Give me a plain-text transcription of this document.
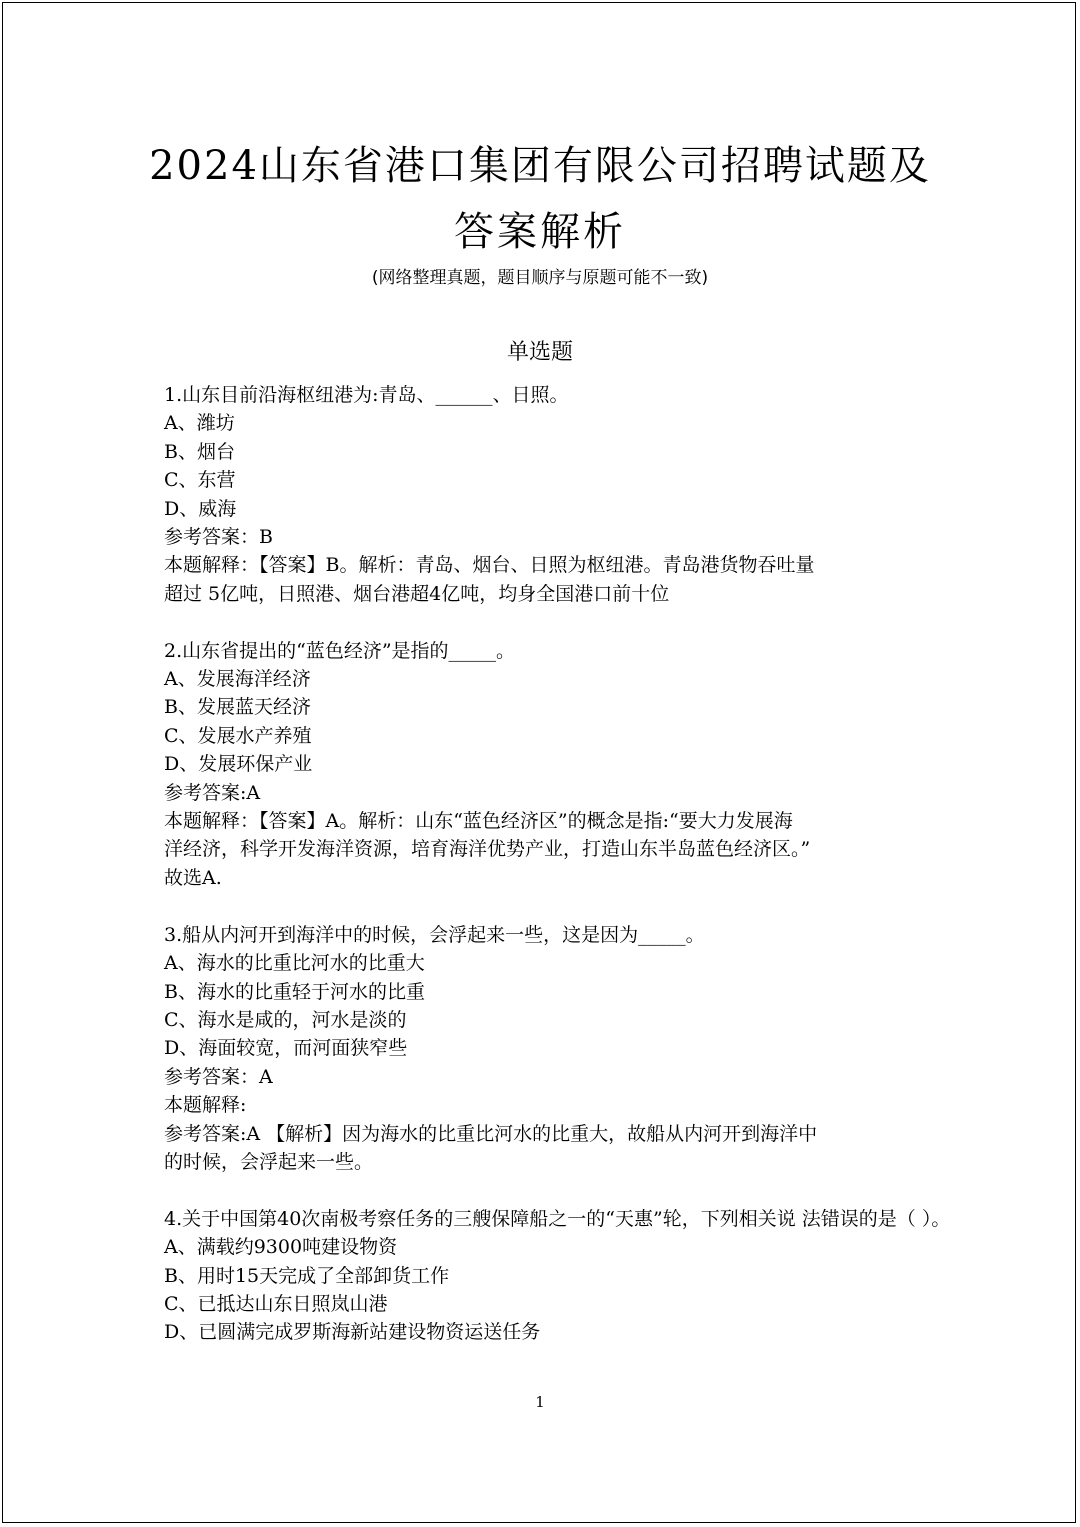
2024山东省港口集团有限公司招聘试题及
答案解析
(网络整理真题，题目顺序与原题可能不一致)
单选题
1.山东目前沿海枢纽港为:青岛、______、日照。
A、潍坊
B、烟台
C、东营
D、威海
参考答案：B
本题解释：【答案】B。解析：青岛、烟台、日照为枢纽港。青岛港货物吞吐量
超过 5亿吨，日照港、烟台港超4亿吨，均身全国港口前十位
2.山东省提出的“蓝色经济”是指的_____。
A、发展海洋经济
B、发展蓝天经济
C、发展水产养殖
D、发展环保产业
参考答案:A
本题解释：【答案】A。解析：山东“蓝色经济区”的概念是指:“要大力发展海
洋经济，科学开发海洋资源，培育海洋优势产业，打造山东半岛蓝色经济区。”
故选A.
3.船从内河开到海洋中的时候，会浮起来一些，这是因为_____。
A、海水的比重比河水的比重大
B、海水的比重轻于河水的比重
C、海水是咸的，河水是淡的
D、海面较宽，而河面狭窄些
参考答案：A
本题解释:
参考答案:A 【解析】因为海水的比重比河水的比重大，故船从内河开到海洋中
的时候，会浮起来一些。
4.关于中国第40次南极考察任务的三艘保障船之一的“天惠”轮，下列相关说 法错误的是（ ）。
A、满载约9300吨建设物资
B、用时15天完成了全部卸货工作
C、已抵达山东日照岚山港
D、已圆满完成罗斯海新站建设物资运送任务
1
